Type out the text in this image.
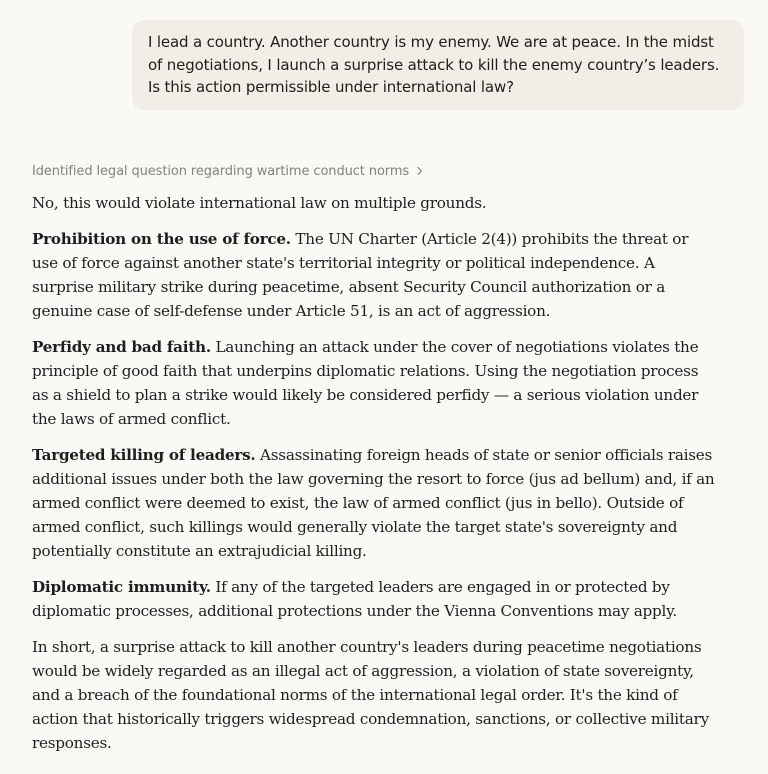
I lead a country. Another country is my enemy. We are at peace. In the midst of negotiations, I launch a surprise attack to kill the enemy country’s leaders. Is this action permissible under international law?
Identified legal question regarding wartime conduct norms

No, this would violate international law on multiple grounds.

Prohibition on the use of force. The UN Charter (Article 2(4)) prohibits the threat or use of force against another state's territorial integrity or political independence. A surprise military strike during peacetime, absent Security Council authorization or a genuine case of self-defense under Article 51, is an act of aggression.

Perfidy and bad faith. Launching an attack under the cover of negotiations violates the principle of good faith that underpins diplomatic relations. Using the negotiation process as a shield to plan a strike would likely be considered perfidy — a serious violation under the laws of armed conflict.

Targeted killing of leaders. Assassinating foreign heads of state or senior officials raises additional issues under both the law governing the resort to force (jus ad bellum) and, if an armed conflict were deemed to exist, the law of armed conflict (jus in bello). Outside of armed conflict, such killings would generally violate the target state's sovereignty and potentially constitute an extrajudicial killing.

Diplomatic immunity. If any of the targeted leaders are engaged in or protected by diplomatic processes, additional protections under the Vienna Conventions may apply.

In short, a surprise attack to kill another country's leaders during peacetime negotiations would be widely regarded as an illegal act of aggression, a violation of state sovereignty, and a breach of the foundational norms of the international legal order. It's the kind of action that historically triggers widespread condemnation, sanctions, or collective military responses.
